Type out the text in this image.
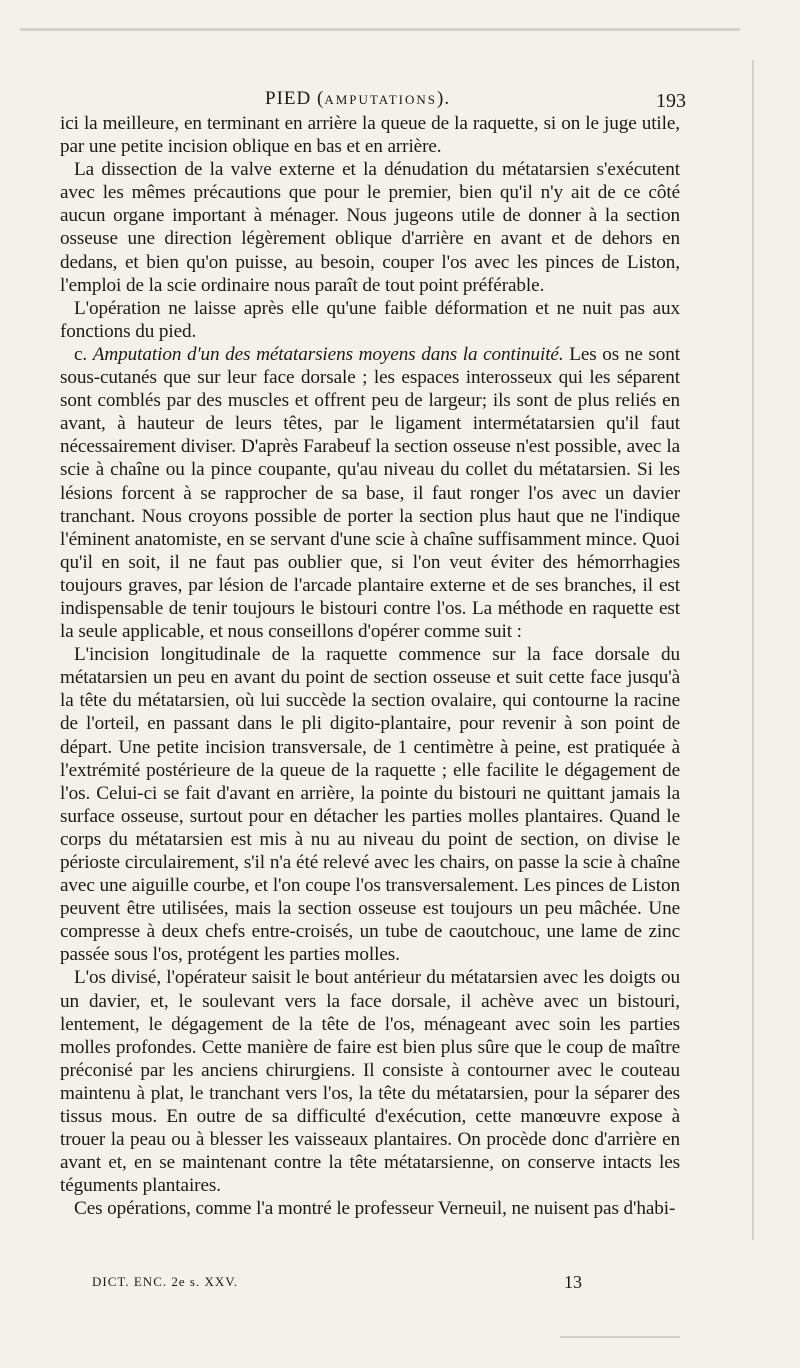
PIED (AMPUTATIONS).	193

ici la meilleure, en terminant en arrière la queue de la raquette, si on le juge utile, par une petite incision oblique en bas et en arrière.

La dissection de la valve externe et la dénudation du métatarsien s'exécutent avec les mêmes précautions que pour le premier, bien qu'il n'y ait de ce côté aucun organe important à ménager. Nous jugeons utile de donner à la section osseuse une direction légèrement oblique d'arrière en avant et de dehors en dedans, et bien qu'on puisse, au besoin, couper l'os avec les pinces de Liston, l'emploi de la scie ordinaire nous paraît de tout point préférable.

L'opération ne laisse après elle qu'une faible déformation et ne nuit pas aux fonctions du pied.

c. Amputation d'un des métatarsiens moyens dans la continuité. Les os ne sont sous-cutanés que sur leur face dorsale ; les espaces interosseux qui les séparent sont comblés par des muscles et offrent peu de largeur; ils sont de plus reliés en avant, à hauteur de leurs têtes, par le ligament intermétatarsien qu'il faut nécessairement diviser. D'après Farabeuf la section osseuse n'est possible, avec la scie à chaîne ou la pince coupante, qu'au niveau du collet du métatarsien. Si les lésions forcent à se rapprocher de sa base, il faut ronger l'os avec un davier tranchant. Nous croyons possible de porter la section plus haut que ne l'indique l'éminent anatomiste, en se servant d'une scie à chaîne suffisamment mince. Quoi qu'il en soit, il ne faut pas oublier que, si l'on veut éviter des hémorrhagies toujours graves, par lésion de l'arcade plantaire externe et de ses branches, il est indispensable de tenir toujours le bistouri contre l'os. La méthode en raquette est la seule applicable, et nous conseillons d'opérer comme suit :

L'incision longitudinale de la raquette commence sur la face dorsale du métatarsien un peu en avant du point de section osseuse et suit cette face jusqu'à la tête du métatarsien, où lui succède la section ovalaire, qui contourne la racine de l'orteil, en passant dans le pli digito-plantaire, pour revenir à son point de départ. Une petite incision transversale, de 1 centimètre à peine, est pratiquée à l'extrémité postérieure de la queue de la raquette ; elle facilite le dégagement de l'os. Celui-ci se fait d'avant en arrière, la pointe du bistouri ne quittant jamais la surface osseuse, surtout pour en détacher les parties molles plantaires. Quand le corps du métatarsien est mis à nu au niveau du point de section, on divise le périoste circulairement, s'il n'a été relevé avec les chairs, on passe la scie à chaîne avec une aiguille courbe, et l'on coupe l'os transversalement. Les pinces de Liston peuvent être utilisées, mais la section osseuse est toujours un peu mâchée. Une compresse à deux chefs entre-croisés, un tube de caoutchouc, une lame de zinc passée sous l'os, protégent les parties molles.

L'os divisé, l'opérateur saisit le bout antérieur du métatarsien avec les doigts ou un davier, et, le soulevant vers la face dorsale, il achève avec un bistouri, lentement, le dégagement de la tête de l'os, ménageant avec soin les parties molles profondes. Cette manière de faire est bien plus sûre que le coup de maître préconisé par les anciens chirurgiens. Il consiste à contourner avec le couteau maintenu à plat, le tranchant vers l'os, la tête du métatarsien, pour la séparer des tissus mous. En outre de sa difficulté d'exécution, cette manœuvre expose à trouer la peau ou à blesser les vaisseaux plantaires. On procède donc d'arrière en avant et, en se maintenant contre la tête métatarsienne, on conserve intacts les téguments plantaires.

Ces opérations, comme l'a montré le professeur Verneuil, ne nuisent pas d'habi-

DICT. ENC. 2e s. XXV.	13
